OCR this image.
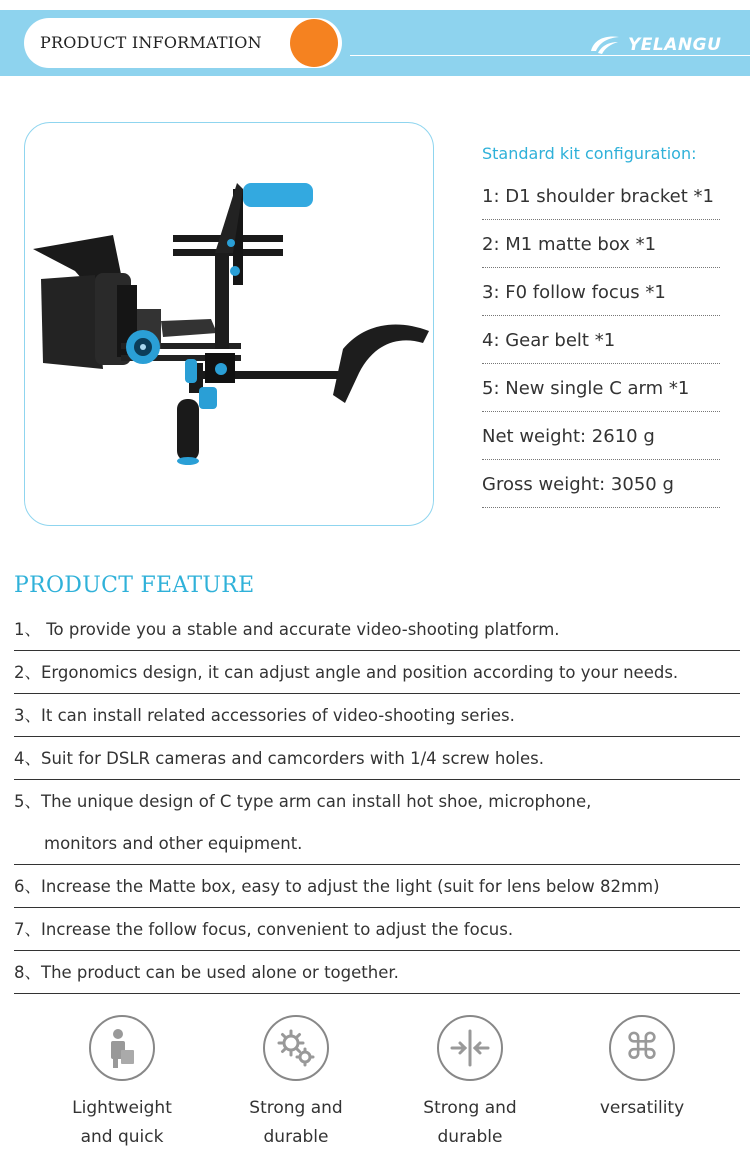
PRODUCT INFORMATION	YELANGU
Standard kit configuration:
1: D1 shoulder bracket *1
2: M1 matte box *1
3: F0 follow focus *1
4: Gear belt *1
5: New single C arm *1
Net weight: 2610 g
Gross weight: 3050 g
PRODUCT FEATURE
1、 To provide you a stable and accurate video-shooting platform.
2、Ergonomics design, it can adjust angle and position according to your needs.
3、It can install related accessories of video-shooting series.
4、Suit for DSLR cameras and camcorders with 1/4 screw holes.
5、The unique design of C type arm can install hot shoe, microphone,
monitors and other equipment.
6、Increase the Matte box, easy to adjust the light (suit for lens below 82mm)
7、Increase the follow focus, convenient to adjust the focus.
8、The product can be used alone or together.
Lightweight
and quick
Strong and
durable
Strong and
durable
⌘
versatility
